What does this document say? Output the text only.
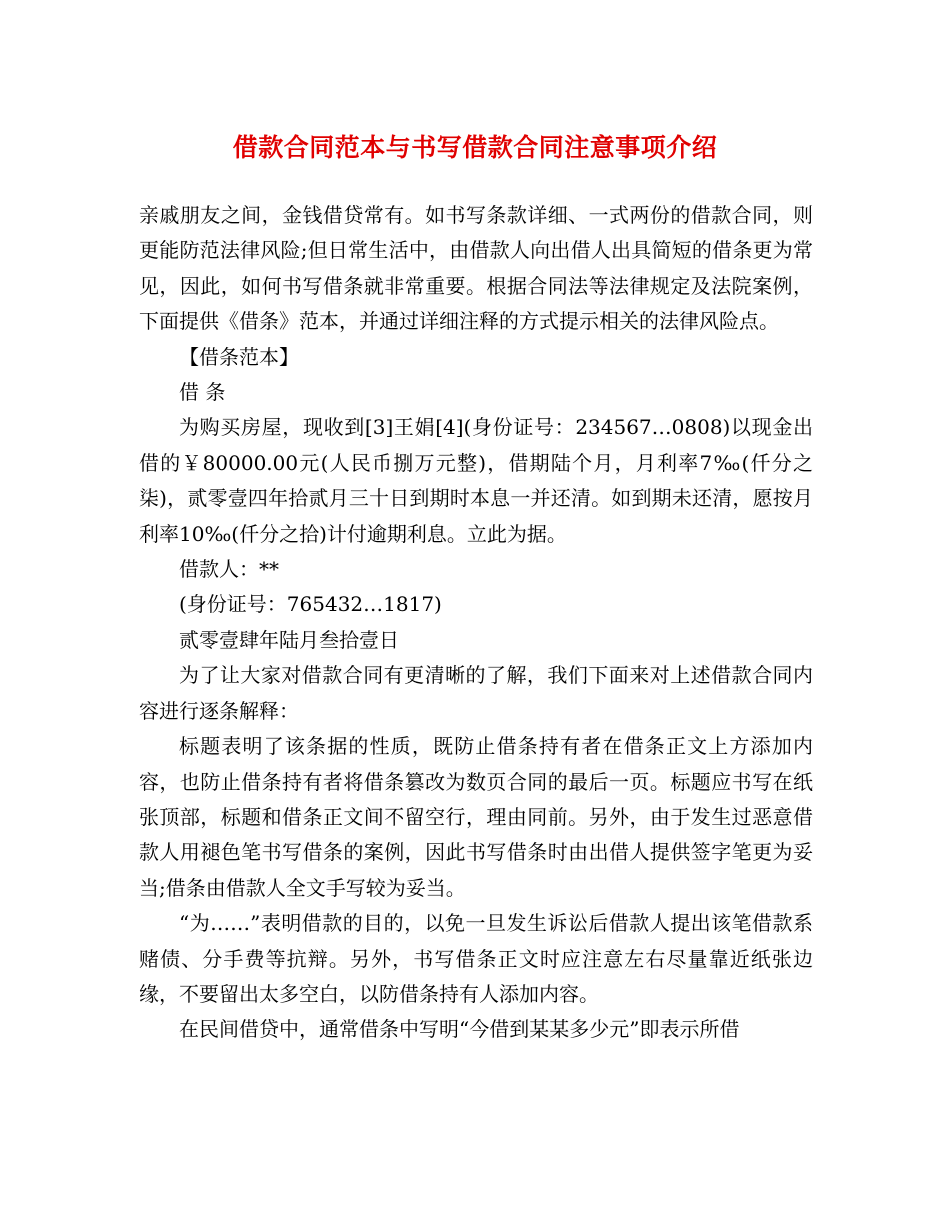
借款合同范本与书写借款合同注意事项介绍

亲戚朋友之间，金钱借贷常有。如书写条款详细、一式两份的借款合同，则更能防范法律风险;但日常生活中，由借款人向出借人出具简短的借条更为常见，因此，如何书写借条就非常重要。根据合同法等法律规定及法院案例，下面提供《借条》范本，并通过详细注释的方式提示相关的法律风险点。

【借条范本】

借 条

为购买房屋，现收到[3]王娟[4](身份证号：234567…0808)以现金出借的￥80000.00元(人民币捌万元整)，借期陆个月，月利率7‰(仟分之柒)，贰零壹四年拾贰月三十日到期时本息一并还清。如到期未还清，愿按月利率10‰(仟分之拾)计付逾期利息。立此为据。

借款人：**

(身份证号：765432…1817)

贰零壹肆年陆月叁拾壹日

为了让大家对借款合同有更清晰的了解，我们下面来对上述借款合同内容进行逐条解释：

标题表明了该条据的性质，既防止借条持有者在借条正文上方添加内容，也防止借条持有者将借条篡改为数页合同的最后一页。标题应书写在纸张顶部，标题和借条正文间不留空行，理由同前。另外，由于发生过恶意借款人用褪色笔书写借条的案例，因此书写借条时由出借人提供签字笔更为妥当;借条由借款人全文手写较为妥当。

“为……”表明借款的目的，以免一旦发生诉讼后借款人提出该笔借款系赌债、分手费等抗辩。另外，书写借条正文时应注意左右尽量靠近纸张边缘，不要留出太多空白，以防借条持有人添加内容。

在民间借贷中，通常借条中写明“今借到某某多少元”即表示所借
